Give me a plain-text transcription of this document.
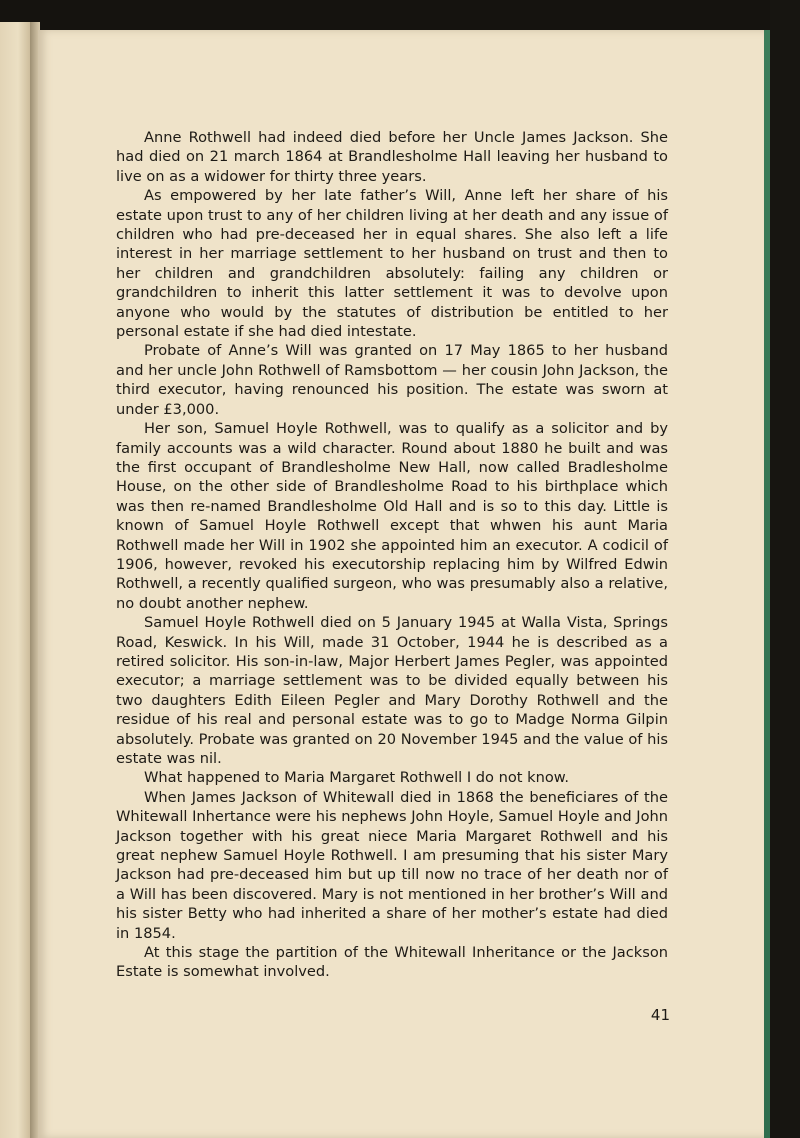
Anne Rothwell had indeed died before her Uncle James Jackson. She had died on 21 march 1864 at Brandlesholme Hall leaving her husband to live on as a widower for thirty three years.

As empowered by her late father’s Will, Anne left her share of his estate upon trust to any of her children living at her death and any issue of children who had pre-deceased her in equal shares. She also left a life interest in her marriage settlement to her husband on trust and then to her children and grandchildren absolutely: failing any children or grandchildren to inherit this latter settlement it was to devolve upon anyone who would by the statutes of distribution be entitled to her personal estate if she had died intestate.

Probate of Anne’s Will was granted on 17 May 1865 to her husband and her uncle John Rothwell of Ramsbottom — her cousin John Jackson, the third executor, having renounced his position. The estate was sworn at under £3,000.

Her son, Samuel Hoyle Rothwell, was to qualify as a solicitor and by family accounts was a wild character. Round about 1880 he built and was the first occupant of Brandlesholme New Hall, now called Bradlesholme House, on the other side of Brandlesholme Road to his birthplace which was then re-named Brandlesholme Old Hall and is so to this day. Little is known of Samuel Hoyle Rothwell except that whwen his aunt Maria Rothwell made her Will in 1902 she appointed him an executor. A codicil of 1906, however, revoked his executorship replacing him by Wilfred Edwin Rothwell, a recently qualified surgeon, who was presumably also a relative, no doubt another nephew.

Samuel Hoyle Rothwell died on 5 January 1945 at Walla Vista, Springs Road, Keswick. In his Will, made 31 October, 1944 he is described as a retired solicitor. His son-in-law, Major Herbert James Pegler, was appointed executor; a marriage settlement was to be divided equally between his two daughters Edith Eileen Pegler and Mary Dorothy Rothwell and the residue of his real and personal estate was to go to Madge Norma Gilpin absolutely. Probate was granted on 20 November 1945 and the value of his estate was nil.

What happened to Maria Margaret Rothwell I do not know.

When James Jackson of Whitewall died in 1868 the beneficiares of the Whitewall Inhertance were his nephews John Hoyle, Samuel Hoyle and John Jackson together with his great niece Maria Margaret Rothwell and his great nephew Samuel Hoyle Rothwell. I am presuming that his sister Mary Jackson had pre-deceased him but up till now no trace of her death nor of a Will has been discovered. Mary is not mentioned in her brother’s Will and his sister Betty who had inherited a share of her mother’s estate had died in 1854.

At this stage the partition of the Whitewall Inheritance or the Jackson Estate is somewhat involved.

41
